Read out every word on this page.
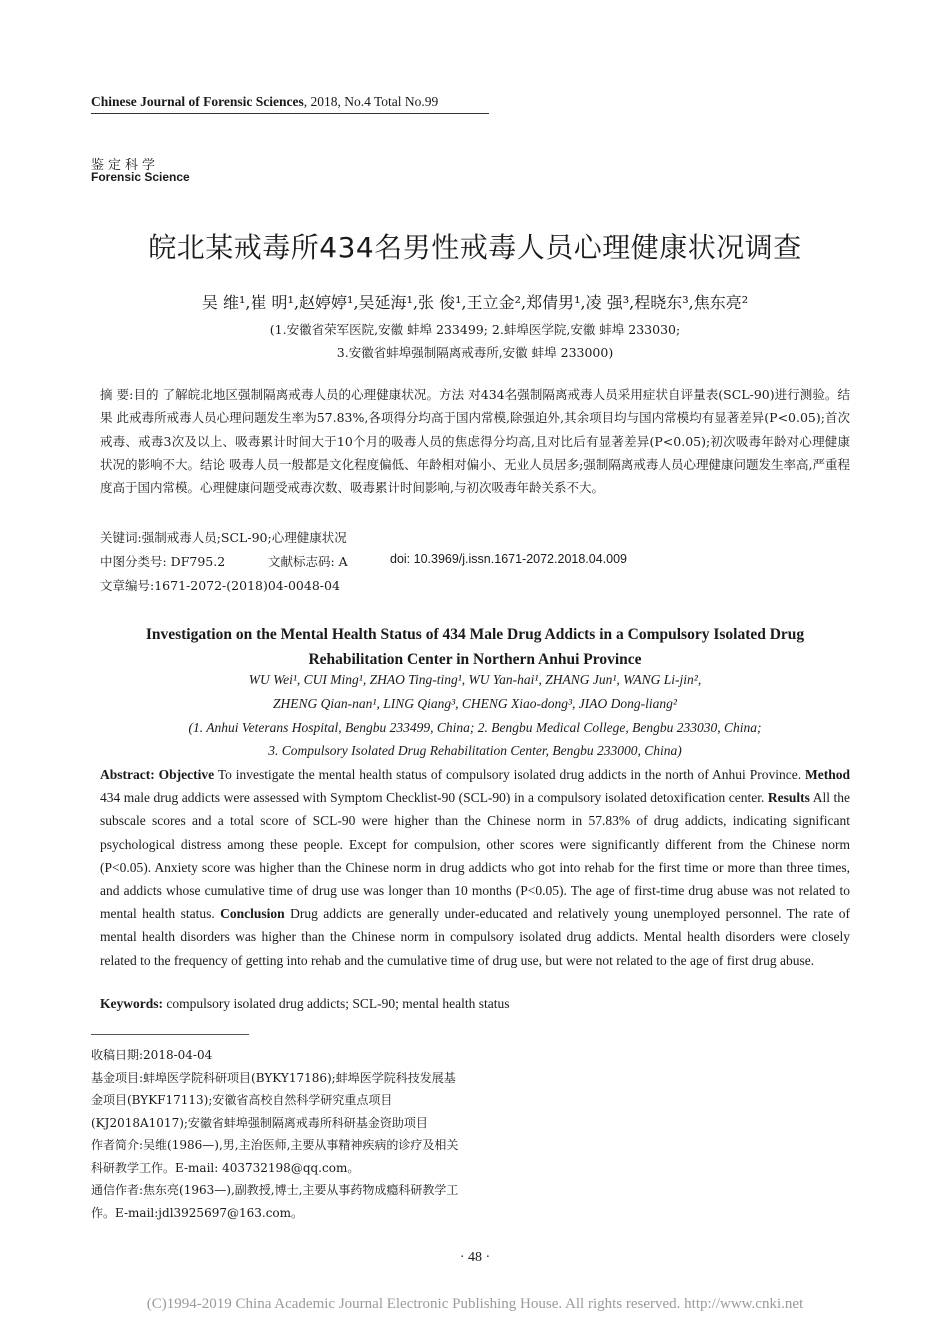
Chinese Journal of Forensic Sciences, 2018, No.4 Total No.99
鉴定科学
Forensic Science
皖北某戒毒所434名男性戒毒人员心理健康状况调查
吴 维¹,崔 明¹,赵婷婷¹,吴延海¹,张 俊¹,王立金²,郑倩男¹,凌 强³,程晓东³,焦东亮²
(1.安徽省荣军医院,安徽 蚌埠 233499; 2.蚌埠医学院,安徽 蚌埠 233030;
3.安徽省蚌埠强制隔离戒毒所,安徽 蚌埠 233000)
摘 要:目的 了解皖北地区强制隔离戒毒人员的心理健康状况。方法 对434名强制隔离戒毒人员采用症状自评量表(SCL-90)进行测验。结果 此戒毒所戒毒人员心理问题发生率为57.83%,各项得分均高于国内常模,除强迫外,其余项目均与国内常模均有显著差异(P<0.05);首次戒毒、戒毒3次及以上、吸毒累计时间大于10个月的吸毒人员的焦虑得分均高,且对比后有显著差异(P<0.05);初次吸毒年龄对心理健康状况的影响不大。结论 吸毒人员一般都是文化程度偏低、年龄相对偏小、无业人员居多;强制隔离戒毒人员心理健康问题发生率高,严重程度高于国内常模。心理健康问题受戒毒次数、吸毒累计时间影响,与初次吸毒年龄关系不大。
关键词:强制戒毒人员;SCL-90;心理健康状况
中图分类号: DF795.2	文献标志码: A	doi: 10.3969/j.issn.1671-2072.2018.04.009
文章编号:1671-2072-(2018)04-0048-04
Investigation on the Mental Health Status of 434 Male Drug Addicts in a Compulsory Isolated Drug
Rehabilitation Center in Northern Anhui Province
WU Wei¹, CUI Ming¹, ZHAO Ting-ting¹, WU Yan-hai¹, ZHANG Jun¹, WANG Li-jin²,
ZHENG Qian-nan¹, LING Qiang³, CHENG Xiao-dong³, JIAO Dong-liang²
(1. Anhui Veterans Hospital, Bengbu 233499, China; 2. Bengbu Medical College, Bengbu 233030, China;
3. Compulsory Isolated Drug Rehabilitation Center, Bengbu 233000, China)
Abstract: Objective To investigate the mental health status of compulsory isolated drug addicts in the north of Anhui Province. Method 434 male drug addicts were assessed with Symptom Checklist-90 (SCL-90) in a compulsory isolated detoxification center. Results All the subscale scores and a total score of SCL-90 were higher than the Chinese norm in 57.83% of drug addicts, indicating significant psychological distress among these people. Except for compulsion, other scores were significantly different from the Chinese norm (P<0.05). Anxiety score was higher than the Chinese norm in drug addicts who got into rehab for the first time or more than three times, and addicts whose cumulative time of drug use was longer than 10 months (P<0.05). The age of first-time drug abuse was not related to mental health status. Conclusion Drug addicts are generally under-educated and relatively young unemployed personnel. The rate of mental health disorders was higher than the Chinese norm in compulsory isolated drug addicts. Mental health disorders were closely related to the frequency of getting into rehab and the cumulative time of drug use, but were not related to the age of first drug abuse.
Keywords: compulsory isolated drug addicts; SCL-90; mental health status
收稿日期:2018-04-04
基金项目:蚌埠医学院科研项目(BYKY17186);蚌埠医学院科技发展基金项目(BYKF17113);安徽省高校自然科学研究重点项目(KJ2018A1017);安徽省蚌埠强制隔离戒毒所科研基金资助项目
作者简介:吴维(1986—),男,主治医师,主要从事精神疾病的诊疗及相关科研教学工作。E-mail: 403732198@qq.com。
通信作者:焦东亮(1963—),副教授,博士,主要从事药物成瘾科研教学工作。E-mail:jdl3925697@163.com。
· 48 ·
(C)1994-2019 China Academic Journal Electronic Publishing House. All rights reserved. http://www.cnki.net
